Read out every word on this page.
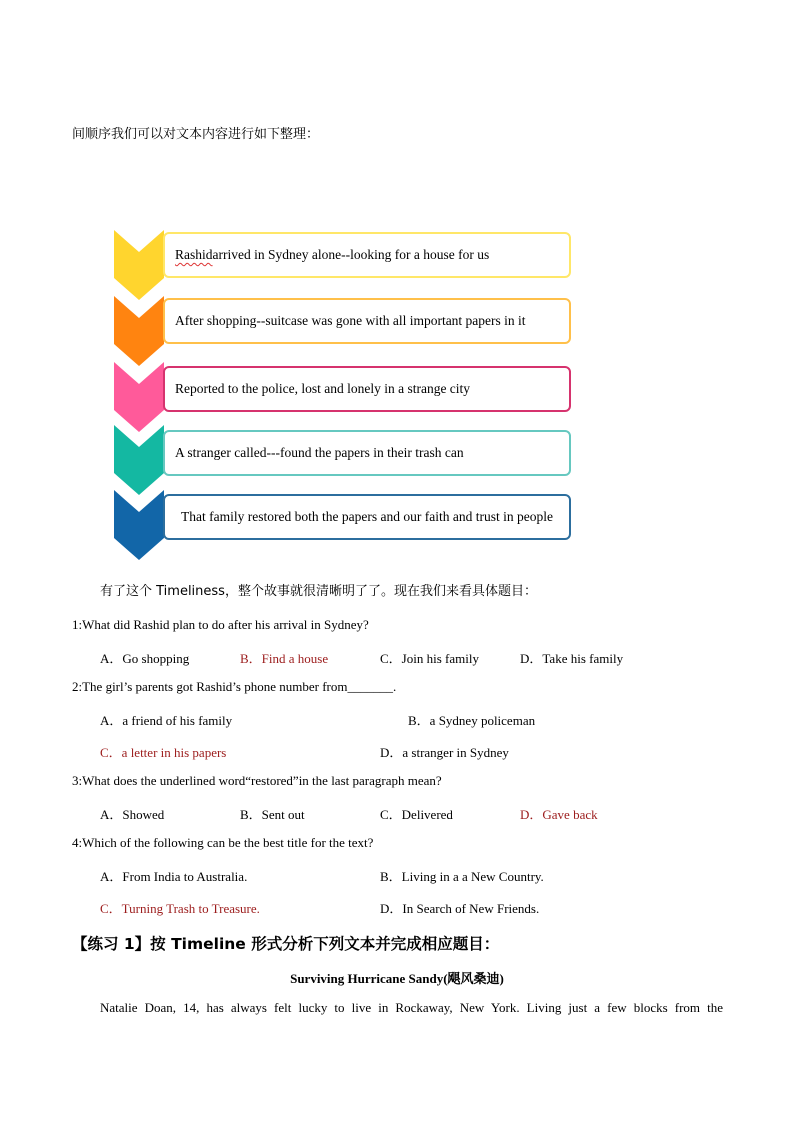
间顺序我们可以对文本内容进行如下整理：
Rashid arrived in Sydney alone--looking for a house for us
After shopping--suitcase was gone with all important papers in it
Reported to the police, lost and lonely in a strange city
A stranger called---found the papers in their trash can
That family restored both the papers and our faith and trust in people
有了这个 Timeliness，整个故事就很清晰明了了。现在我们来看具体题目：
1:What did Rashid plan to do after his arrival in Sydney?
A．Go shopping	B．Find a house	C．Join his family	D．Take his family
2:The girl’s parents got Rashid’s phone number from_______.
A．a friend of his family	B．a Sydney policeman
C．a letter in his papers	D．a stranger in Sydney
3:What does the underlined word“restored”in the last paragraph mean?
A．Showed	B．Sent out	C．Delivered	D．Gave back
4:Which of the following can be the best title for the text?
A．From India to Australia.	B．Living in a a New Country.
C．Turning Trash to Treasure.	D．In Search of New Friends.
【练习 1】按 Timeline 形式分析下列文本并完成相应题目：
Surviving Hurricane Sandy(飓风桑迪)
Natalie Doan, 14, has always felt lucky to live in Rockaway, New York. Living just a few blocks from the
